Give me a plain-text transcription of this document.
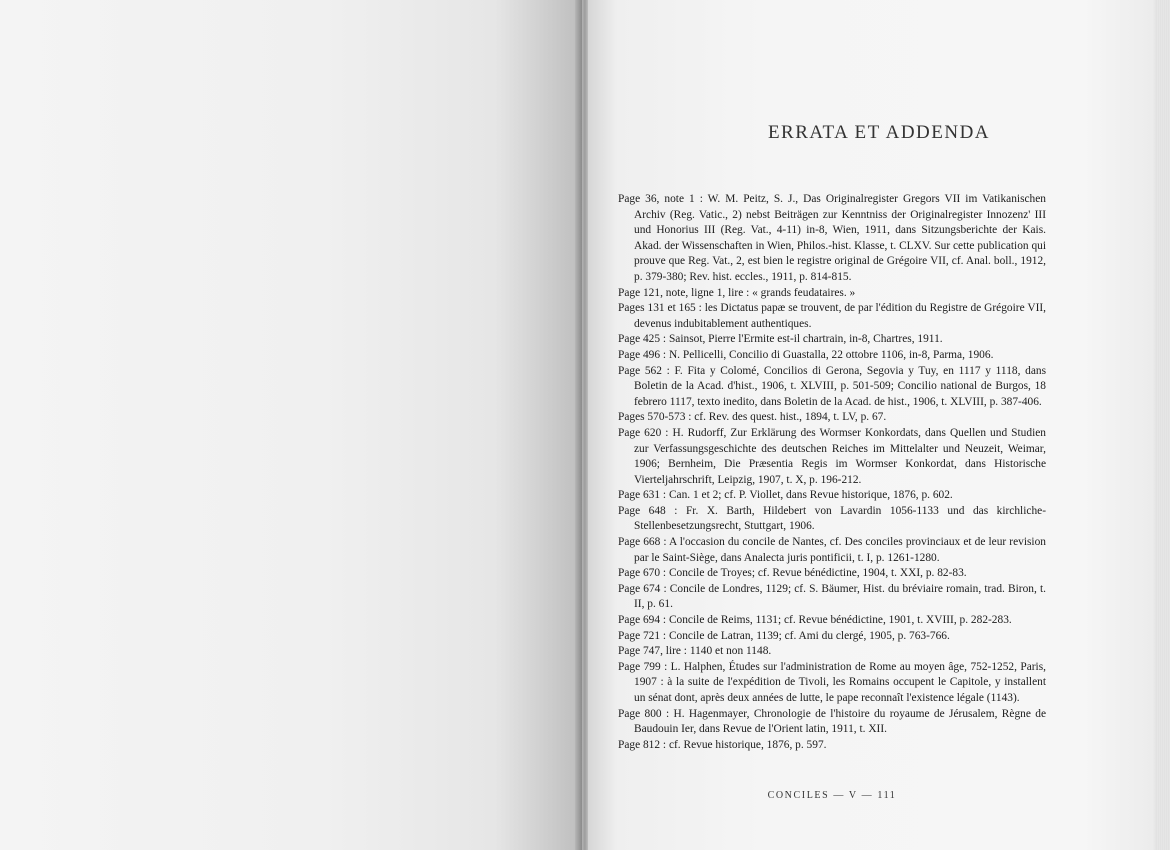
ERRATA ET ADDENDA

Page 36, note 1 : W. M. Peitz, S. J., Das Originalregister Gregors VII im Vatikanischen Archiv (Reg. Vatic., 2) nebst Beiträgen zur Kenntniss der Originalregister Innozenz' III und Honorius III (Reg. Vat., 4-11) in-8, Wien, 1911, dans Sitzungsberichte der Kais. Akad. der Wissenschaften in Wien, Philos.-hist. Klasse, t. CLXV. Sur cette publication qui prouve que Reg. Vat., 2, est bien le registre original de Grégoire VII, cf. Anal. boll., 1912, p. 379-380; Rev. hist. eccles., 1911, p. 814-815.

Page 121, note, ligne 1, lire : « grands feudataires. »

Pages 131 et 165 : les Dictatus papæ se trouvent, de par l'édition du Registre de Grégoire VII, devenus indubitablement authentiques.

Page 425 : Sainsot, Pierre l'Ermite est-il chartrain, in-8, Chartres, 1911.

Page 496 : N. Pellicelli, Concilio di Guastalla, 22 ottobre 1106, in-8, Parma, 1906.

Page 562 : F. Fita y Colomé, Concilios di Gerona, Segovia y Tuy, en 1117 y 1118, dans Boletin de la Acad. d'hist., 1906, t. XLVIII, p. 501-509; Concilio national de Burgos, 18 febrero 1117, texto inedito, dans Boletin de la Acad. de hist., 1906, t. XLVIII, p. 387-406.

Pages 570-573 : cf. Rev. des quest. hist., 1894, t. LV, p. 67.

Page 620 : H. Rudorff, Zur Erklärung des Wormser Konkordats, dans Quellen und Studien zur Verfassungsgeschichte des deutschen Reiches im Mittelalter und Neuzeit, Weimar, 1906; Bernheim, Die Præsentia Regis im Wormser Konkordat, dans Historische Vierteljahrschrift, Leipzig, 1907, t. X, p. 196-212.

Page 631 : Can. 1 et 2; cf. P. Viollet, dans Revue historique, 1876, p. 602.

Page 648 : Fr. X. Barth, Hildebert von Lavardin 1056-1133 und das kirchliche-Stellenbesetzungsrecht, Stuttgart, 1906.

Page 668 : A l'occasion du concile de Nantes, cf. Des conciles provinciaux et de leur revision par le Saint-Siège, dans Analecta juris pontificii, t. I, p. 1261-1280.

Page 670 : Concile de Troyes; cf. Revue bénédictine, 1904, t. XXI, p. 82-83.

Page 674 : Concile de Londres, 1129; cf. S. Bäumer, Hist. du bréviaire romain, trad. Biron, t. II, p. 61.

Page 694 : Concile de Reims, 1131; cf. Revue bénédictine, 1901, t. XVIII, p. 282-283.

Page 721 : Concile de Latran, 1139; cf. Ami du clergé, 1905, p. 763-766.

Page 747, lire : 1140 et non 1148.

Page 799 : L. Halphen, Études sur l'administration de Rome au moyen âge, 752-1252, Paris, 1907 : à la suite de l'expédition de Tivoli, les Romains occupent le Capitole, y installent un sénat dont, après deux années de lutte, le pape reconnaît l'existence légale (1143).

Page 800 : H. Hagenmayer, Chronologie de l'histoire du royaume de Jérusalem, Règne de Baudouin Ier, dans Revue de l'Orient latin, 1911, t. XII.

Page 812 : cf. Revue historique, 1876, p. 597.

CONCILES — V — 111
